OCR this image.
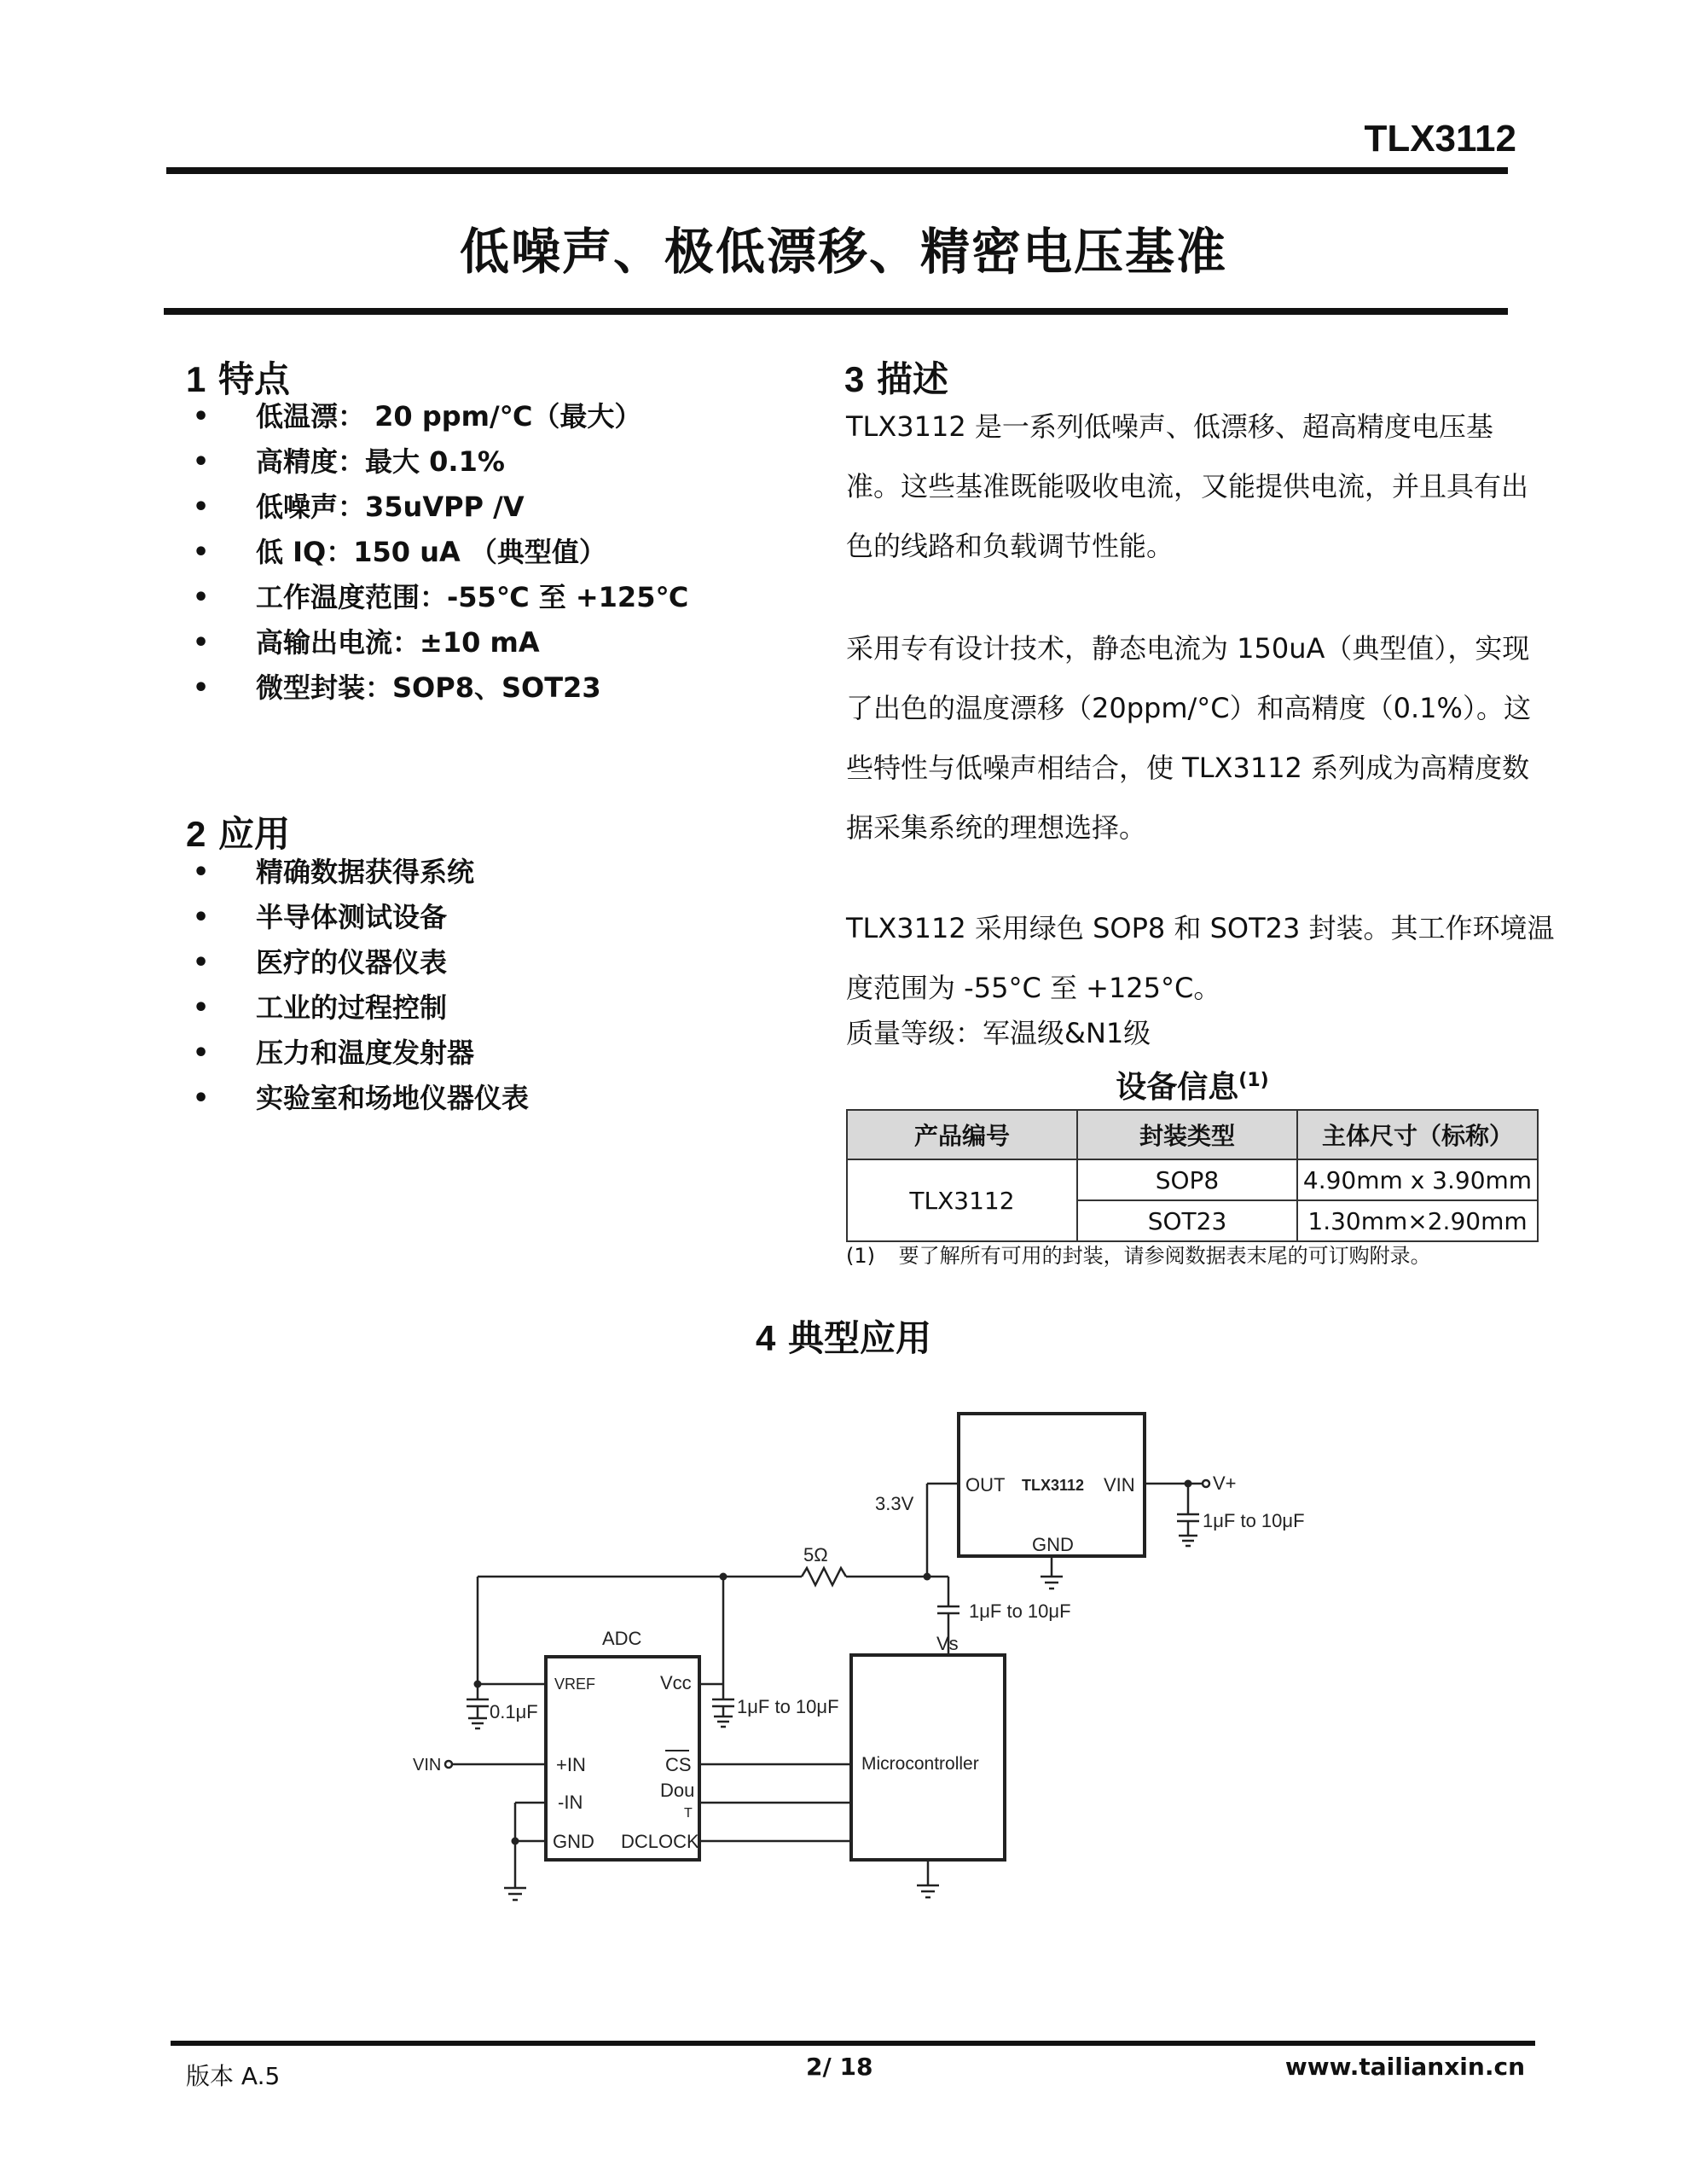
TLX3112
低噪声、极低漂移、精密电压基准
1 特点
• 低温漂： 20 ppm/℃（最大）
• 高精度：最大 0.1%
• 低噪声：35uVPP /V
• 低 IQ：150 uA （典型值）
• 工作温度范围：-55℃ 至 +125℃
• 高输出电流：±10 mA
• 微型封装：SOP8、SOT23
2 应用
• 精确数据获得系统
• 半导体测试设备
• 医疗的仪器仪表
• 工业的过程控制
• 压力和温度发射器
• 实验室和场地仪器仪表
3 描述
TLX3112 是一系列低噪声、低漂移、超高精度电压基
准。这些基准既能吸收电流，又能提供电流，并且具有出
色的线路和负载调节性能。
采用专有设计技术，静态电流为 150uA（典型值），实现
了出色的温度漂移（20ppm/°C）和高精度（0.1%）。这
些特性与低噪声相结合，使 TLX3112 系列成为高精度数
据采集系统的理想选择。
TLX3112 采用绿色 SOP8 和 SOT23 封装。其工作环境温
度范围为 -55°C 至 +125°C。
质量等级：军温级&N1级
设备信息$^{(1)}$
产品编号	封装类型	主体尺寸（标称）
TLX3112	SOP8	4.90mm x 3.90mm
	SOT23	1.30mm×2.90mm
(1) 要了解所有可用的封装，请参阅数据表末尾的可订购附录。
4 典型应用
OUT TLX3112 VIN
GND
V+
3.3V
1μF to 10μF
5Ω
1μF to 10μF
Vs
ADC
VREF	Vcc
1μF to 10μF
0.1μF
+IN
-IN
GND
CS
Dou
T
DCLOCK
VIN	Microcontroller
版本 A.5	2/ 18	www.tailianxin.cn
